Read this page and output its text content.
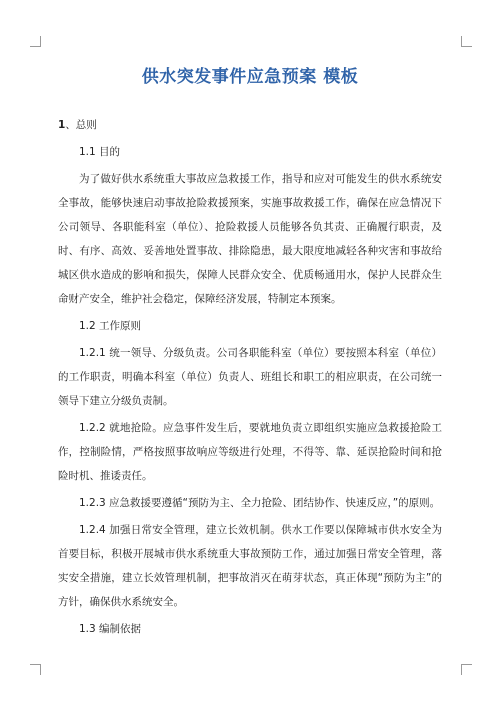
供水突发事件应急预案 模板

1、总则

1.1 目的

为了做好供水系统重大事故应急救援工作，指导和应对可能发生的供水系统安全事故，能够快速启动事故抢险救援预案，实施事故救援工作，确保在应急情况下公司领导、各职能科室（单位）、抢险救援人员能够各负其责、正确履行职责，及时、有序、高效、妥善地处置事故、排除隐患，最大限度地减轻各种灾害和事故给城区供水造成的影响和损失，保障人民群众安全、优质畅通用水，保护人民群众生命财产安全，维护社会稳定，保障经济发展，特制定本预案。

1.2 工作原则

1.2.1 统一领导、分级负责。公司各职能科室（单位）要按照本科室（单位）的工作职责，明确本科室（单位）负责人、班组长和职工的相应职责，在公司统一领导下建立分级负责制。

1.2.2 就地抢险。应急事件发生后，要就地负责立即组织实施应急救援抢险工作，控制险情，严格按照事故响应等级进行处理，不得等、靠、延误抢险时间和抢险时机、推诿责任。

1.2.3 应急救援要遵循“预防为主、全力抢险、团结协作、快速反应，”的原则。

1.2.4 加强日常安全管理，建立长效机制。供水工作要以保障城市供水安全为首要目标，积极开展城市供水系统重大事故预防工作，通过加强日常安全管理，落实安全措施，建立长效管理机制，把事故消灭在萌芽状态，真正体现“预防为主”的方针，确保供水系统安全。

1.3 编制依据
